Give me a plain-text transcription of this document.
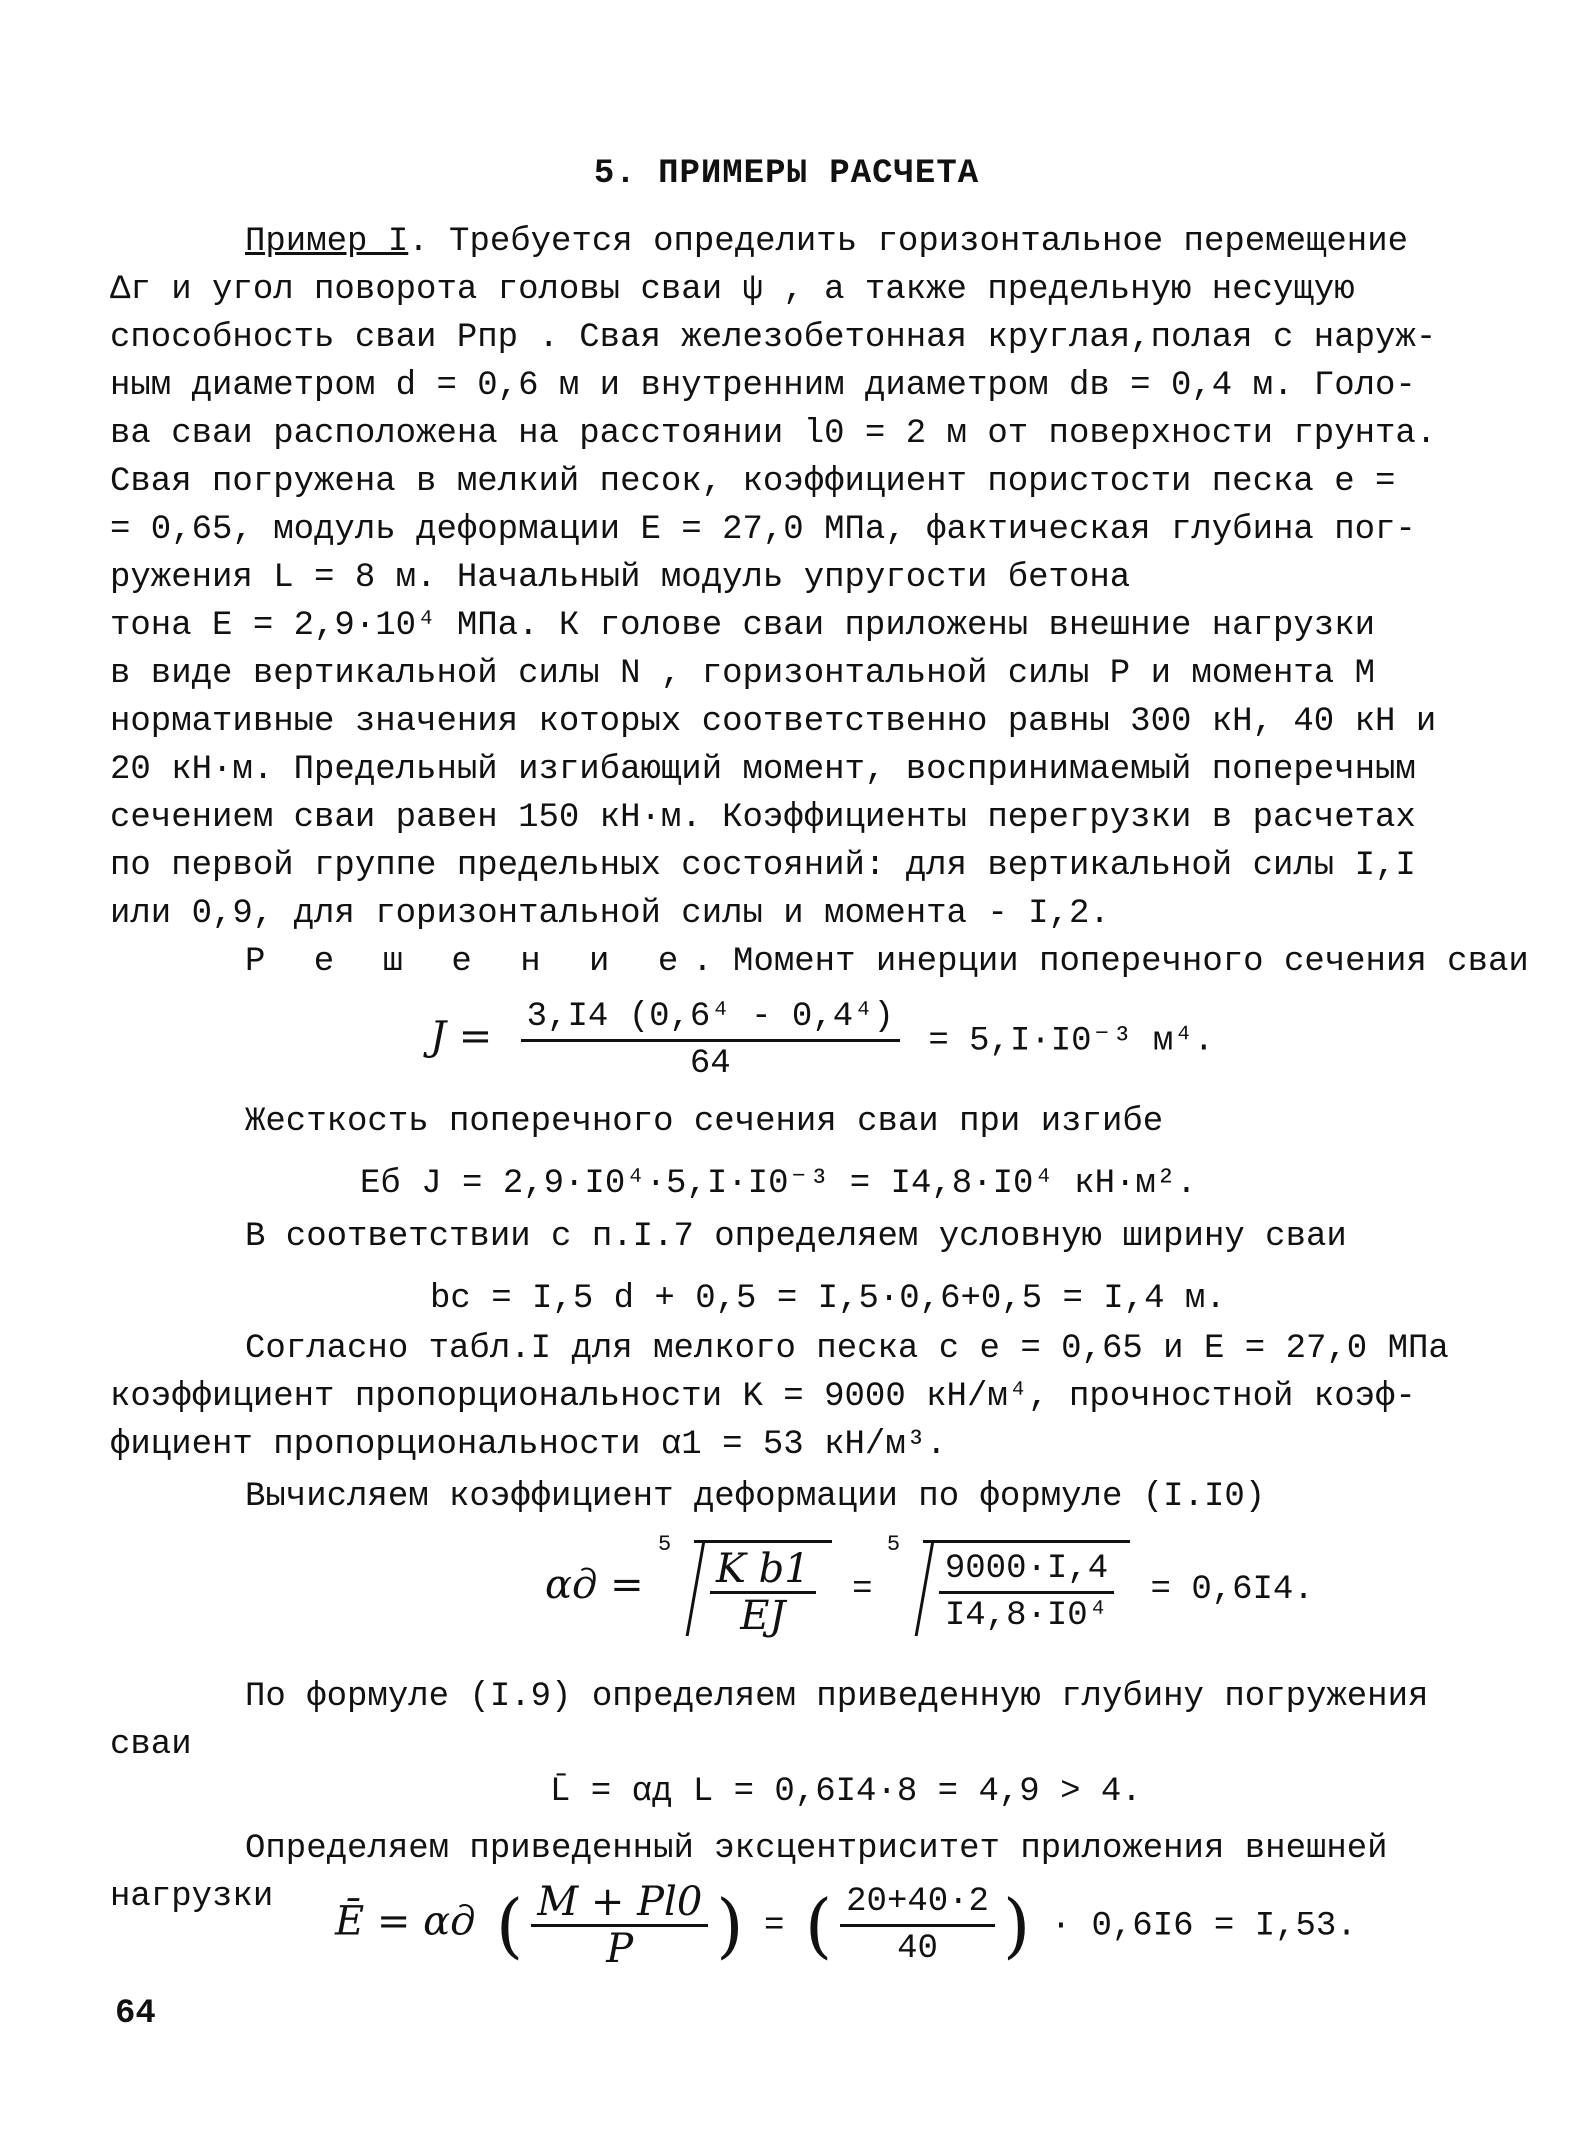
5. ПРИМЕРЫ РАСЧЕТА
Пример I. Требуется определить горизонтальное перемещение
Δг и угол поворота головы сваи ψ , а также предельную несущую
способность сваи Pпр . Свая железобетонная круглая,полая с наруж-
ным диаметром d = 0,6 м и внутренним диаметром dв = 0,4 м. Голо-
ва сваи расположена на расстоянии l0 = 2 м от поверхности грунта.
Свая погружена в мелкий песок, коэффициент пористости песка e =
= 0,65, модуль деформации E = 27,0 МПа, фактическая глубина пог-
ружения L = 8 м. Начальный модуль упругости бетона
тона E = 2,9·10⁴ МПа. К голове сваи приложены внешние нагрузки
в виде вертикальной силы N , горизонтальной силы P и момента M
нормативные значения которых соответственно равны 300 кН, 40 кН и
20 кН·м. Предельный изгибающий момент, воспринимаемый поперечным
сечением сваи равен 150 кН·м. Коэффициенты перегрузки в расчетах
по первой группе предельных состояний: для вертикальной силы I,I
или 0,9, для горизонтальной силы и момента - I,2.
Р е ш е н и е. Момент инерции поперечного сечения сваи
$J = \frac{\text{3,I4 (0,6⁴ - 0,4⁴)}}{64} = 5,I\cdot I0^{-3}$ м⁴.
Жесткость поперечного сечения сваи при изгибе
Eб J = 2,9·I0⁴·5,I·I0⁻³ = I4,8·I0⁴ кН·м².
В соответствии с п.I.7 определяем условную ширину сваи
bc = I,5 d + 0,5 = I,5·0,6+0,5 = I,4 м.
Согласно табл.I для мелкого песка с e = 0,65 и E = 27,0 МПа
коэффициент пропорциональности K = 9000 кН/м⁴, прочностной коэф-
фициент пропорциональности α1 = 53 кН/м³.
Вычисляем коэффициент деформации по формуле (I.I0)
αд =
5
$\frac{\text{K b1}}{EJ}$ =
5
$\frac{9000\cdot I,4}{\text{I4,8·I0⁴}} = 0,6I4$.
По формуле (I.9) определяем приведенную глубину погружения
сваи
L̄ = αд L = 0,6I4·8 = 4,9 > 4.
Определяем приведенный эксцентриситет приложения внешней
нагрузки
Ē = αд ( $\frac{M + Pl0}{P}$ ) = ( $\frac{20+40\cdot 2}{40}$ ) · 0,6I6 = I,53.
64
